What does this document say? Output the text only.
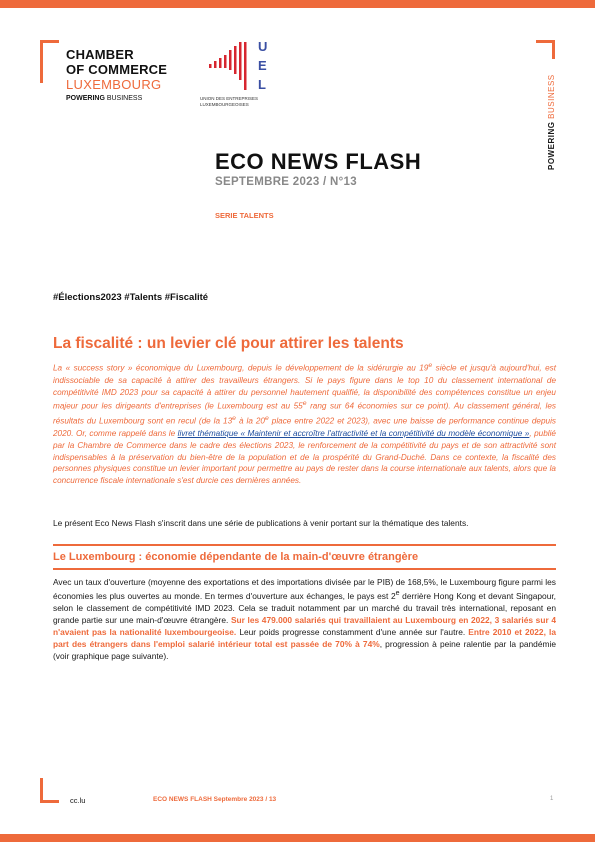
CHAMBER
OF COMMERCE
LUXEMBOURG
POWERING BUSINESS
U
E
L
UNION DES ENTREPRISES
LUXEMBOURGEOISES
POWERING BUSINESS
ECO NEWS FLASH
SEPTEMBRE 2023 / N°13
SERIE TALENTS
#Élections2023 #Talents #Fiscalité
La fiscalité : un levier clé pour attirer les talents
La « success story » économique du Luxembourg, depuis le développement de la sidérurgie au 19e siècle et jusqu'à aujourd'hui, est indissociable de sa capacité à attirer des travailleurs étrangers. Si le pays figure dans le top 10 du classement international de compétitivité IMD 2023 pour sa capacité à attirer du personnel hautement qualifié, la disponibilité des compétences constitue un enjeu majeur pour les dirigeants d'entreprises (le Luxembourg est au 55e rang sur 64 économies sur ce point). Au classement général, les résultats du Luxembourg sont en recul (de la 13e à la 20e place entre 2022 et 2023), avec une baisse de performance continue depuis 2020. Or, comme rappelé dans le livret thématique « Maintenir et accroître l'attractivité et la compétitivité du modèle économique », publié par la Chambre de Commerce dans le cadre des élections 2023, le renforcement de la compétitivité du pays et de son attractivité sont indispensables à la préservation du bien-être de la population et de la prospérité du Grand-Duché. Dans ce contexte, la fiscalité des personnes physiques constitue un levier important pour permettre au pays de rester dans la course internationale aux talents, alors que la concurrence fiscale internationale s'est durcie ces dernières années.
Le présent Eco News Flash s'inscrit dans une série de publications à venir portant sur la thématique des talents.
Le Luxembourg : économie dépendante de la main-d'œuvre étrangère
Avec un taux d'ouverture (moyenne des exportations et des importations divisée par le PIB) de 168,5%, le Luxembourg figure parmi les économies les plus ouvertes au monde. En termes d'ouverture aux échanges, le pays est 2e derrière Hong Kong et devant Singapour, selon le classement de compétitivité IMD 2023. Cela se traduit notamment par un marché du travail très international, reposant en grande partie sur une main-d'œuvre étrangère. Sur les 479.000 salariés qui travaillaient au Luxembourg en 2022, 3 salariés sur 4 n'avaient pas la nationalité luxembourgeoise. Leur poids progresse constamment d'une année sur l'autre. Entre 2010 et 2022, la part des étrangers dans l'emploi salarié intérieur total est passée de 70% à 74%, progression à peine ralentie par la pandémie (voir graphique page suivante).
cc.lu	ECO NEWS FLASH Septembre 2023 / 13	1
